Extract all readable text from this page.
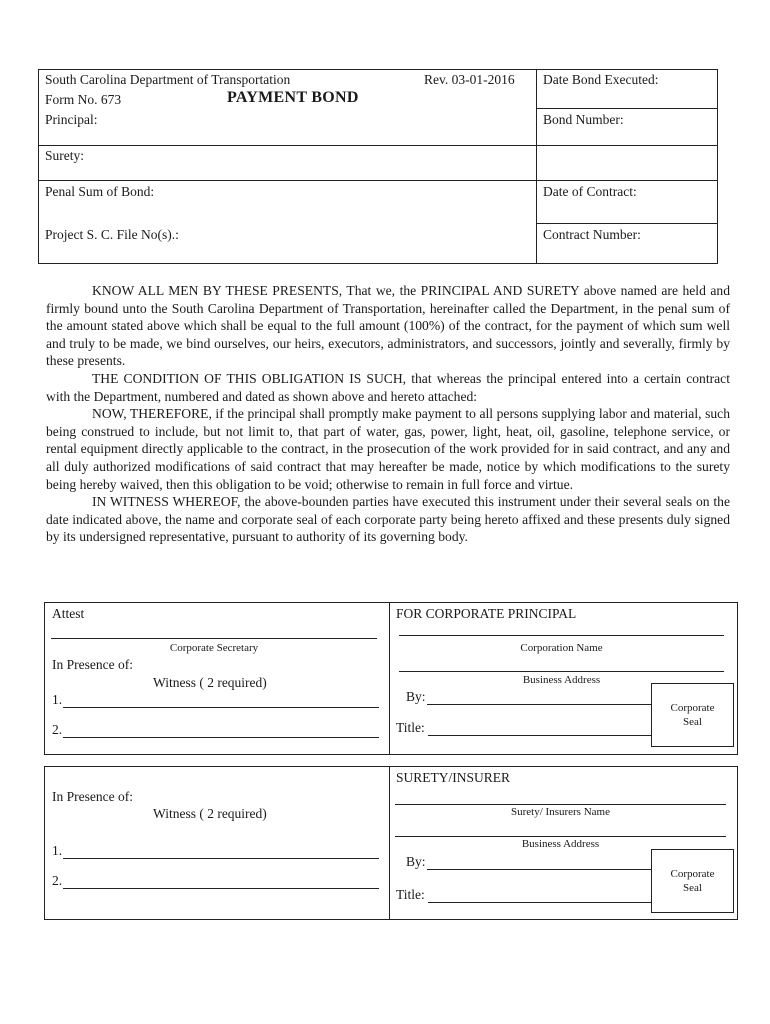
South Carolina Department of Transportation	Rev. 03-01-2016
Form No. 673	PAYMENT BOND
Date Bond Executed:
Principal:	Bond Number:
Surety:
Penal Sum of Bond:	Date of Contract:
Project S. C. File No(s).:	Contract Number:

KNOW ALL MEN BY THESE PRESENTS, That we, the PRINCIPAL AND SURETY above named are held and firmly bound unto the South Carolina Department of Transportation, hereinafter called the Department, in the penal sum of the amount stated above which shall be equal to the full amount (100%) of the contract, for the payment of which sum well and truly to be made, we bind ourselves, our heirs, executors, administrators, and successors, jointly and severally, firmly by these presents.

THE CONDITION OF THIS OBLIGATION IS SUCH, that whereas the principal entered into a certain contract with the Department, numbered and dated as shown above and hereto attached:

NOW, THEREFORE, if the principal shall promptly make payment to all persons supplying labor and material, such being construed to include, but not limit to, that part of water, gas, power, light, heat, oil, gasoline, telephone service, or rental equipment directly applicable to the contract, in the prosecution of the work provided for in said contract, and any and all duly authorized modifications of said contract that may hereafter be made, notice by which modifications to the surety being hereby waived, then this obligation to be void; otherwise to remain in full force and virtue.

IN WITNESS WHEREOF, the above-bounden parties have executed this instrument under their several seals on the date indicated above, the name and corporate seal of each corporate party being hereto affixed and these presents duly signed by its undersigned representative, pursuant to authority of its governing body.

Attest
Corporate Secretary
In Presence of:
Witness ( 2 required)
1.
2.
FOR CORPORATE PRINCIPAL
Corporation Name
Business Address
By:
Title:
Corporate
Seal
In Presence of:
Witness ( 2 required)
1.
2.
SURETY/INSURER
Surety/ Insurers Name
Business Address
By:
Title:
Corporate
Seal
